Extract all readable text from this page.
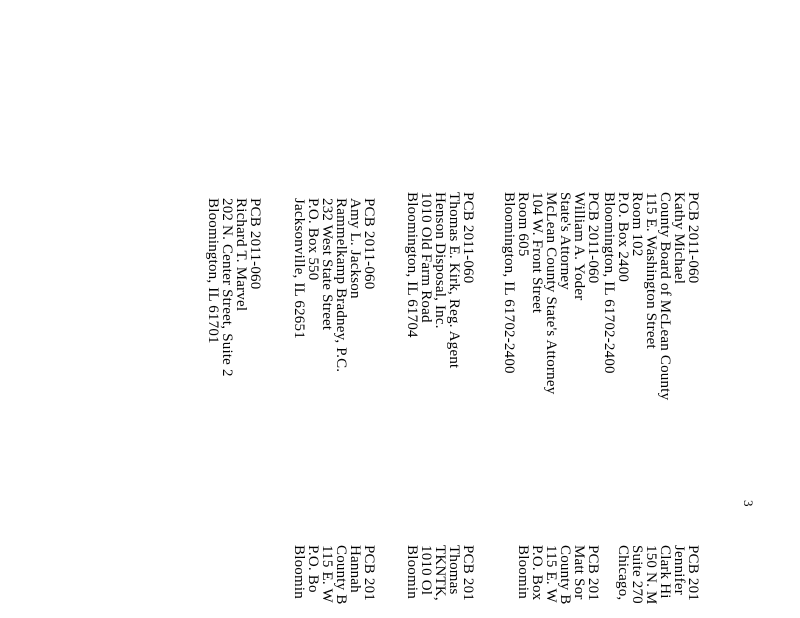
3
PCB 2011-060
Kathy Michael
County Board of McLean County
115 E. Washington Street
Room 102
P.O. Box 2400
Bloomington, IL 61702-2400
PCB 2011-060
William A. Yoder
State's Attorney
McLean County State's Attorney
104 W. Front Street
Room 605
Bloomington, IL 61702-2400
PCB 2011-060
Thomas E. Kirk, Reg. Agent
Henson Disposal, Inc.
1010 Old Farm Road
Bloomington, IL 61704
PCB 2011-060
Amy L. Jackson
Rammelkamp Bradney, P.C.
232 West State Street
P.O. Box 550
Jacksonville, IL 62651
PCB 2011-060
Richard T. Marvel
202 N. Center Street, Suite 2
Bloomington, IL 61701
PCB 201
Jennifer
Clark Hi
150 N. M
Suite 270
Chicago,
PCB 201
Matt Sor
County B
115 E. W
P.O. Box
Bloomin
PCB 201
Thomas
TKNTK,
1010 Ol
Bloomin
PCB 201
Hannah
County B
115 E. W
P.O. Bo
Bloomin
